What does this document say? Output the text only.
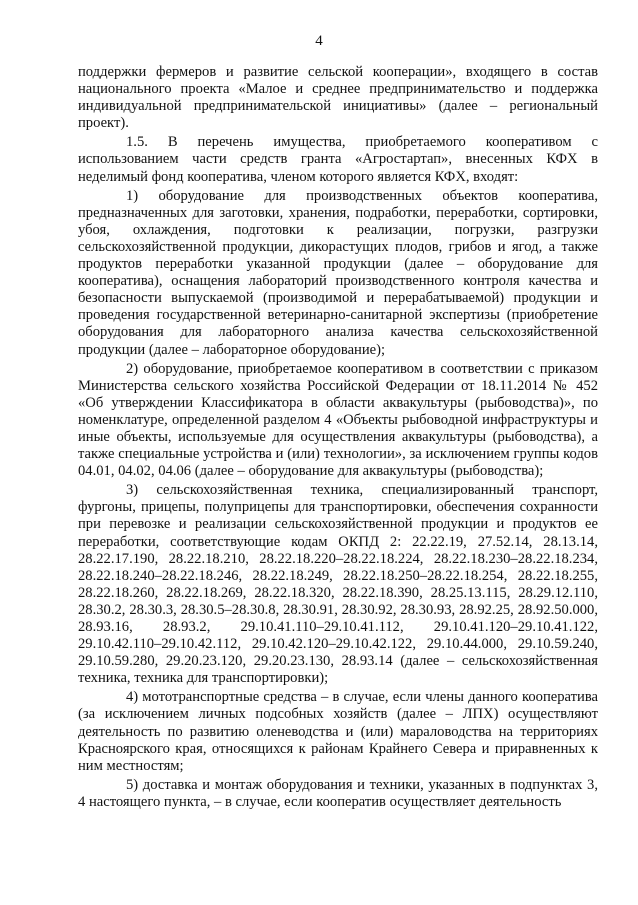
4

поддержки фермеров и развитие сельской кооперации», входящего в состав национального проекта «Малое и среднее предпринимательство и поддержка индивидуальной предпринимательской инициативы» (далее – региональный проект).

1.5. В перечень имущества, приобретаемого кооперативом с использованием части средств гранта «Агростартап», внесенных КФХ в неделимый фонд кооператива, членом которого является КФХ, входят:

1) оборудование для производственных объектов кооператива, предназначенных для заготовки, хранения, подработки, переработки, сортировки, убоя, охлаждения, подготовки к реализации, погрузки, разгрузки сельскохозяйственной продукции, дикорастущих плодов, грибов и ягод, а также продуктов переработки указанной продукции (далее – оборудование для кооператива), оснащения лабораторий производственного контроля качества и безопасности выпускаемой (производимой и перерабатываемой) продукции и проведения государственной ветеринарно-санитарной экспертизы (приобретение оборудования для лабораторного анализа качества сельскохозяйственной продукции (далее – лабораторное оборудование);

2) оборудование, приобретаемое кооперативом в соответствии с приказом Министерства сельского хозяйства Российской Федерации от 18.11.2014 № 452 «Об утверждении Классификатора в области аквакультуры (рыбоводства)», по номенклатуре, определенной разделом 4 «Объекты рыбоводной инфраструктуры и иные объекты, используемые для осуществления аквакультуры (рыбоводства), а также специальные устройства и (или) технологии», за исключением группы кодов 04.01, 04.02, 04.06 (далее – оборудование для аквакультуры (рыбоводства);

3) сельскохозяйственная техника, специализированный транспорт, фургоны, прицепы, полуприцепы для транспортировки, обеспечения сохранности при перевозке и реализации сельскохозяйственной продукции и продуктов ее переработки, соответствующие кодам ОКПД 2: 22.22.19, 27.52.14, 28.13.14, 28.22.17.190, 28.22.18.210, 28.22.18.220–28.22.18.224, 28.22.18.230–28.22.18.234, 28.22.18.240–28.22.18.246, 28.22.18.249, 28.22.18.250–28.22.18.254, 28.22.18.255, 28.22.18.260, 28.22.18.269, 28.22.18.320, 28.22.18.390, 28.25.13.115, 28.29.12.110, 28.30.2, 28.30.3, 28.30.5–28.30.8, 28.30.91, 28.30.92, 28.30.93, 28.92.25, 28.92.50.000, 28.93.16, 28.93.2, 29.10.41.110–29.10.41.112, 29.10.41.120–29.10.41.122, 29.10.42.110–29.10.42.112, 29.10.42.120–29.10.42.122, 29.10.44.000, 29.10.59.240, 29.10.59.280, 29.20.23.120, 29.20.23.130, 28.93.14 (далее – сельскохозяйственная техника, техника для транспортировки);

4) мототранспортные средства – в случае, если члены данного кооператива (за исключением личных подсобных хозяйств (далее – ЛПХ) осуществляют деятельность по развитию оленеводства и (или) мараловодства на территориях Красноярского края, относящихся к районам Крайнего Севера и приравненных к ним местностям;

5) доставка и монтаж оборудования и техники, указанных в подпунктах 3, 4 настоящего пункта, – в случае, если кооператив осуществляет деятельность
